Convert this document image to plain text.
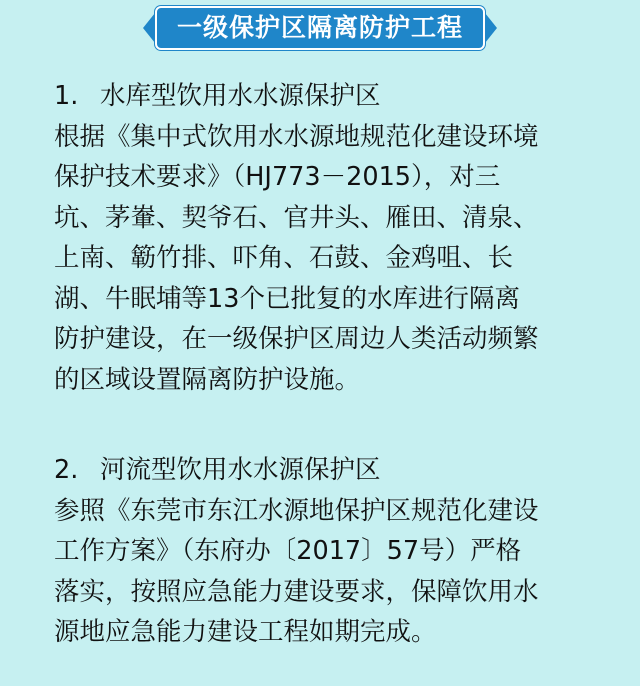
一级保护区隔离防护工程
1. 水库型饮用水水源保护区
根据《集中式饮用水水源地规范化建设环境
保护技术要求》（HJ773－2015），对三
坑、茅輋、契爷石、官井头、雁田、清泉、
上南、簕竹排、吓角、石鼓、金鸡咀、长
湖、牛眠埔等13个已批复的水库进行隔离
防护建设，在一级保护区周边人类活动频繁
的区域设置隔离防护设施。
2. 河流型饮用水水源保护区
参照《东莞市东江水源地保护区规范化建设
工作方案》（东府办〔2017〕57号）严格
落实，按照应急能力建设要求，保障饮用水
源地应急能力建设工程如期完成。
